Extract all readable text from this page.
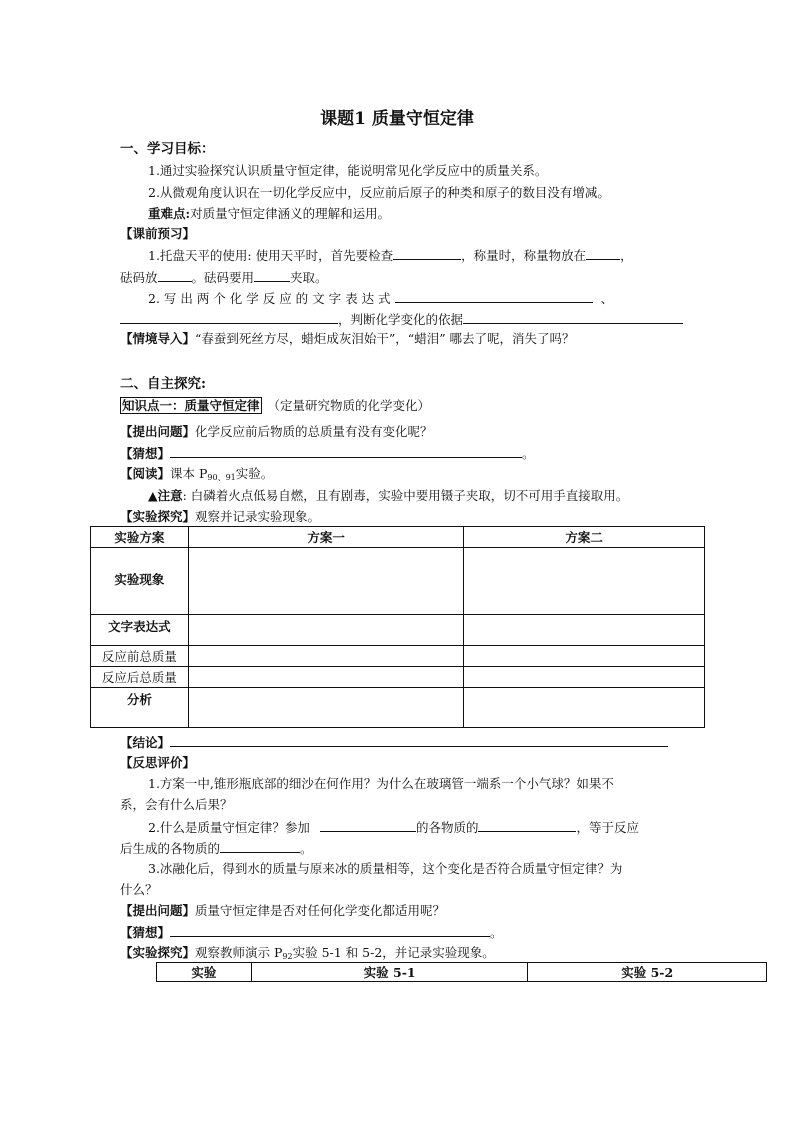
课题1 质量守恒定律
一、学习目标：
1.通过实验探究认识质量守恒定律，能说明常见化学反应中的质量关系。
2.从微观角度认识在一切化学反应中，反应前后原子的种类和原子的数目没有增减。
重难点:对质量守恒定律涵义的理解和运用。
【课前预习】
1.托盘天平的使用: 使用天平时，首先要检查	，称量时，称量物放在	，
砝码放	。砝码要用	夹取。
2. 写 出 两 个 化 学 反 应 的 文 字 表 达 式	、
，判断化学变化的依据
【情境导入】“春蚕到死丝方尽，蜡炬成灰泪始干”，“蜡泪” 哪去了呢，消失了吗？
二、自主探究:
知识点一：质量守恒定律 （定量研究物质的化学变化）
【提出问题】化学反应前后物质的总质量有没有变化呢？
【猜想】	。
【阅读】课本 P90、91实验。
▲注意: 白磷着火点低易自燃，且有剧毒，实验中要用镊子夹取，切不可用手直接取用。
【实验探究】观察并记录实验现象。
实验方案	方案一	方案二
实验现象		
文字表达式		
反应前总质量		
反应后总质量		
分析		
【结论】
【反思评价】
1.方案一中,锥形瓶底部的细沙在何作用？为什么在玻璃管一端系一个小气球？如果不
系，会有什么后果？
2.什么是质量守恒定律？参加	的各物质的	，等于反应
后生成的各物质的	。
3.冰融化后，得到水的质量与原来冰的质量相等，这个变化是否符合质量守恒定律？为
什么？
【提出问题】质量守恒定律是否对任何化学变化都适用呢？
【猜想】	。
【实验探究】观察教师演示 P92实验 5-1 和 5-2，并记录实验现象。
实验	实验 5-1	实验 5-2
